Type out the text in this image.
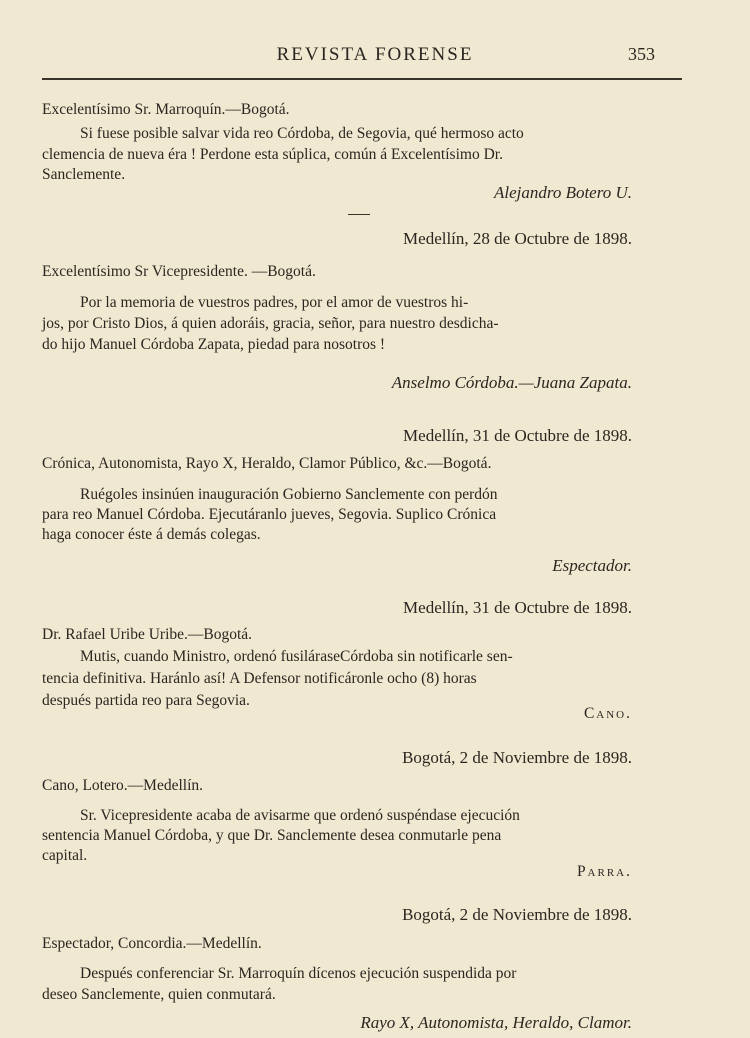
REVISTA FORENSE	353
Excelentísimo Sr. Marroquín.—Bogotá.
Si fuese posible salvar vida reo Córdoba, de Segovia, qué hermoso acto
clemencia de nueva éra ! Perdone esta súplica, común á Excelentísimo Dr.
Sanclemente.
Alejandro Botero U.
Medellín, 28 de Octubre de 1898.
Excelentísimo Sr Vicepresidente. —Bogotá.
Por la memoria de vuestros padres, por el amor de vuestros hi-
jos, por Cristo Dios, á quien adoráis, gracia, señor, para nuestro desdicha-
do hijo Manuel Córdoba Zapata, piedad para nosotros !
Anselmo Córdoba.—Juana Zapata.
Medellín, 31 de Octubre de 1898.
Crónica, Autonomista, Rayo X, Heraldo, Clamor Público, &c.—Bogotá.
Ruégoles insinúen inauguración Gobierno Sanclemente con perdón
para reo Manuel Córdoba. Ejecutáranlo jueves, Segovia. Suplico Crónica
haga conocer éste á demás colegas.
Espectador.
Medellín, 31 de Octubre de 1898.
Dr. Rafael Uribe Uribe.—Bogotá.
Mutis, cuando Ministro, ordenó fusiláraseCórdoba sin notificarle sen-
tencia definitiva. Haránlo así! A Defensor notificáronle ocho (8) horas
después partida reo para Segovia.
Cano.
Bogotá, 2 de Noviembre de 1898.
Cano, Lotero.—Medellín.
Sr. Vicepresidente acaba de avisarme que ordenó suspéndase ejecución
sentencia Manuel Córdoba, y que Dr. Sanclemente desea conmutarle pena
capital.
Parra.
Bogotá, 2 de Noviembre de 1898.
Espectador, Concordia.—Medellín.
Después conferenciar Sr. Marroquín dícenos ejecución suspendida por
deseo Sanclemente, quien conmutará.
Rayo X, Autonomista, Heraldo, Clamor.
